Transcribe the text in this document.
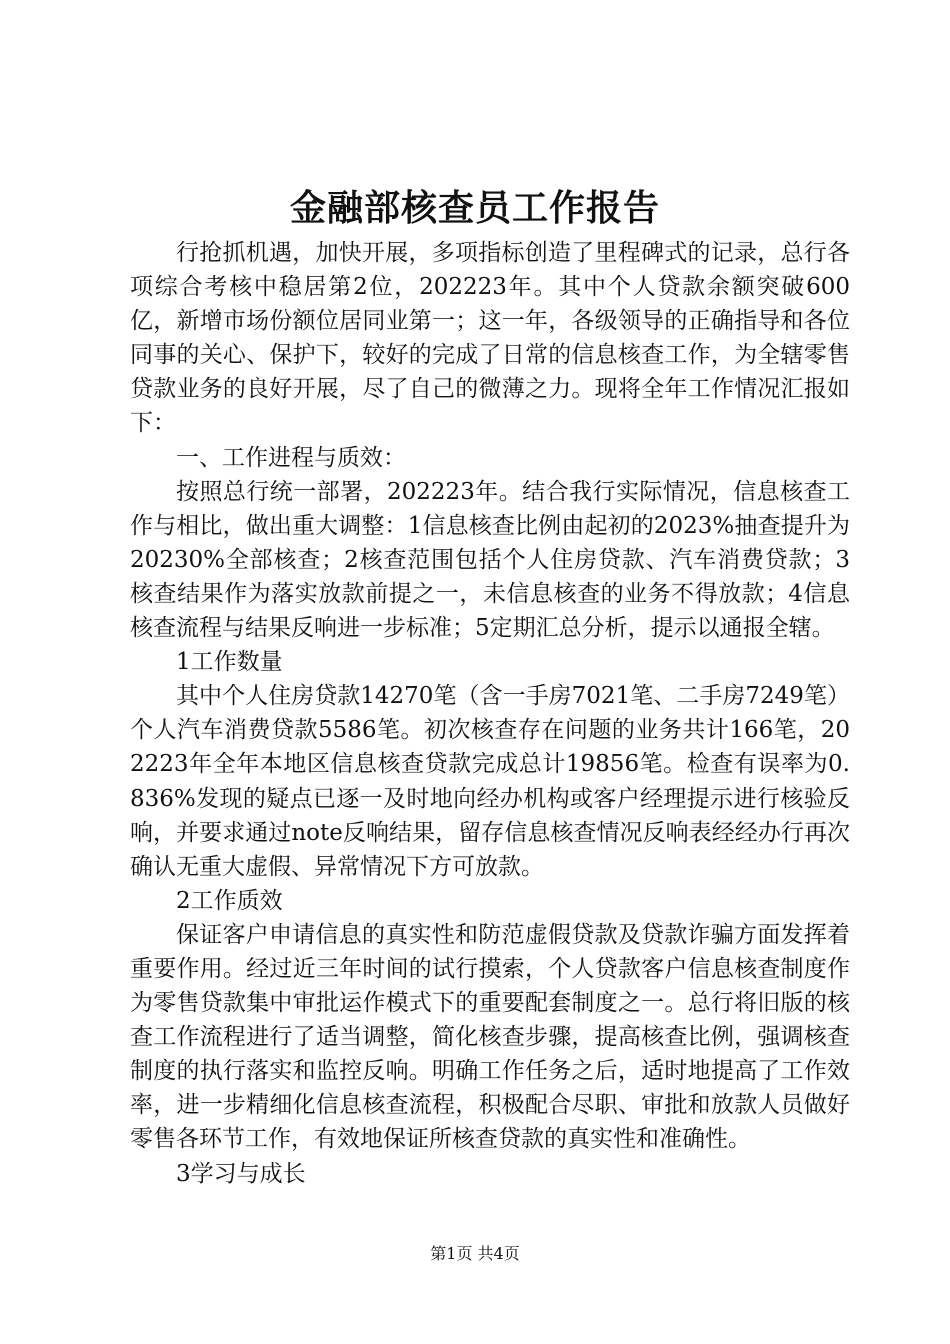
金融部核查员工作报告

行抢抓机遇，加快开展，多项指标创造了里程碑式的记录，总行各项综合考核中稳居第2位，202223年。其中个人贷款余额突破600亿，新增市场份额位居同业第一；这一年，各级领导的正确指导和各位同事的关心、保护下，较好的完成了日常的信息核查工作，为全辖零售贷款业务的良好开展，尽了自己的微薄之力。现将全年工作情况汇报如下：

一、工作进程与质效：

按照总行统一部署，202223年。结合我行实际情况，信息核查工作与相比，做出重大调整：1信息核查比例由起初的2023%抽查提升为20230%全部核查；2核查范围包括个人住房贷款、汽车消费贷款；3　 核查结果作为落实放款前提之一，未信息核查的业务不得放款；4信息核查流程与结果反响进一步标准；5定期汇总分析，提示以通报全辖。

1工作数量

其中个人住房贷款14270笔（含一手房7021笔、二手房7249笔）个人汽车消费贷款5586笔。初次核查存在问题的业务共计166笔，202223年全年本地区信息核查贷款完成总计19856笔。检查有误率为0.836%发现的疑点已逐一及时地向经办机构或客户经理提示进行核验反响，并要求通过note反响结果，留存信息核查情况反响表经经办行再次确认无重大虚假、异常情况下方可放款。

2工作质效

保证客户申请信息的真实性和防范虚假贷款及贷款诈骗方面发挥着重要作用。经过近三年时间的试行摸索，个人贷款客户信息核查制度作为零售贷款集中审批运作模式下的重要配套制度之一。总行将旧版的核查工作流程进行了适当调整，简化核查步骤，提高核查比例，强调核查制度的执行落实和监控反响。明确工作任务之后，适时地提高了工作效率，进一步精细化信息核查流程，积极配合尽职、审批和放款人员做好零售各环节工作，有效地保证所核查贷款的真实性和准确性。

3学习与成长

第1页 共4页
